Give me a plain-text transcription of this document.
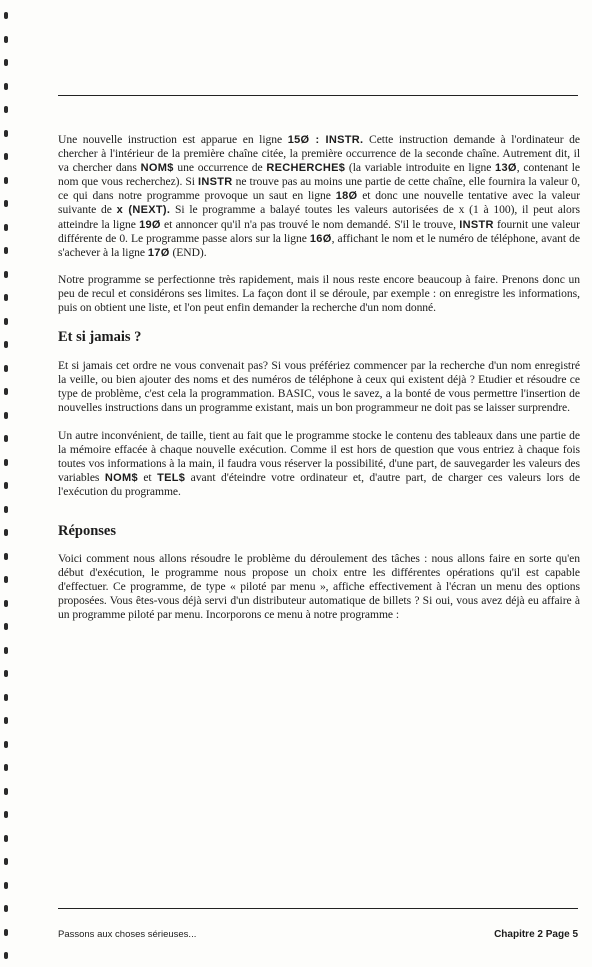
Une nouvelle instruction est apparue en ligne 15Ø : INSTR. Cette instruction demande à l'ordinateur de chercher à l'intérieur de la première chaîne citée, la première occurrence de la seconde chaîne. Autrement dit, il va chercher dans NOM$ une occurrence de RECHERCHE$ (la variable introduite en ligne 13Ø, contenant le nom que vous recherchez). Si INSTR ne trouve pas au moins une partie de cette chaîne, elle fournira la valeur 0, ce qui dans notre programme provoque un saut en ligne 18Ø et donc une nouvelle tentative avec la valeur suivante de x (NEXT). Si le programme a balayé toutes les valeurs autorisées de x (1 à 100), il peut alors atteindre la ligne 19Ø et annoncer qu'il n'a pas trouvé le nom demandé. S'il le trouve, INSTR fournit une valeur différente de 0. Le programme passe alors sur la ligne 16Ø, affichant le nom et le numéro de téléphone, avant de s'achever à la ligne 17Ø (END).

Notre programme se perfectionne très rapidement, mais il nous reste encore beaucoup à faire. Prenons donc un peu de recul et considérons ses limites. La façon dont il se déroule, par exemple : on enregistre les informations, puis on obtient une liste, et l'on peut enfin demander la recherche d'un nom donné.

Et si jamais ?

Et si jamais cet ordre ne vous convenait pas? Si vous préfériez commencer par la recherche d'un nom enregistré la veille, ou bien ajouter des noms et des numéros de téléphone à ceux qui existent déjà ? Etudier et résoudre ce type de problème, c'est cela la programmation. BASIC, vous le savez, a la bonté de vous permettre l'insertion de nouvelles instructions dans un programme existant, mais un bon programmeur ne doit pas se laisser surprendre.

Un autre inconvénient, de taille, tient au fait que le programme stocke le contenu des tableaux dans une partie de la mémoire effacée à chaque nouvelle exécution. Comme il est hors de question que vous entriez à chaque fois toutes vos informations à la main, il faudra vous réserver la possibilité, d'une part, de sauvegarder les valeurs des variables NOM$ et TEL$ avant d'éteindre votre ordinateur et, d'autre part, de charger ces valeurs lors de l'exécution du programme.

Réponses

Voici comment nous allons résoudre le problème du déroulement des tâches : nous allons faire en sorte qu'en début d'exécution, le programme nous propose un choix entre les différentes opérations qu'il est capable d'effectuer. Ce programme, de type « piloté par menu », affiche effectivement à l'écran un menu des options proposées. Vous êtes-vous déjà servi d'un distributeur automatique de billets ? Si oui, vous avez déjà eu affaire à un programme piloté par menu. Incorporons ce menu à notre programme :

Passons aux choses sérieuses...	Chapitre 2 Page 5
